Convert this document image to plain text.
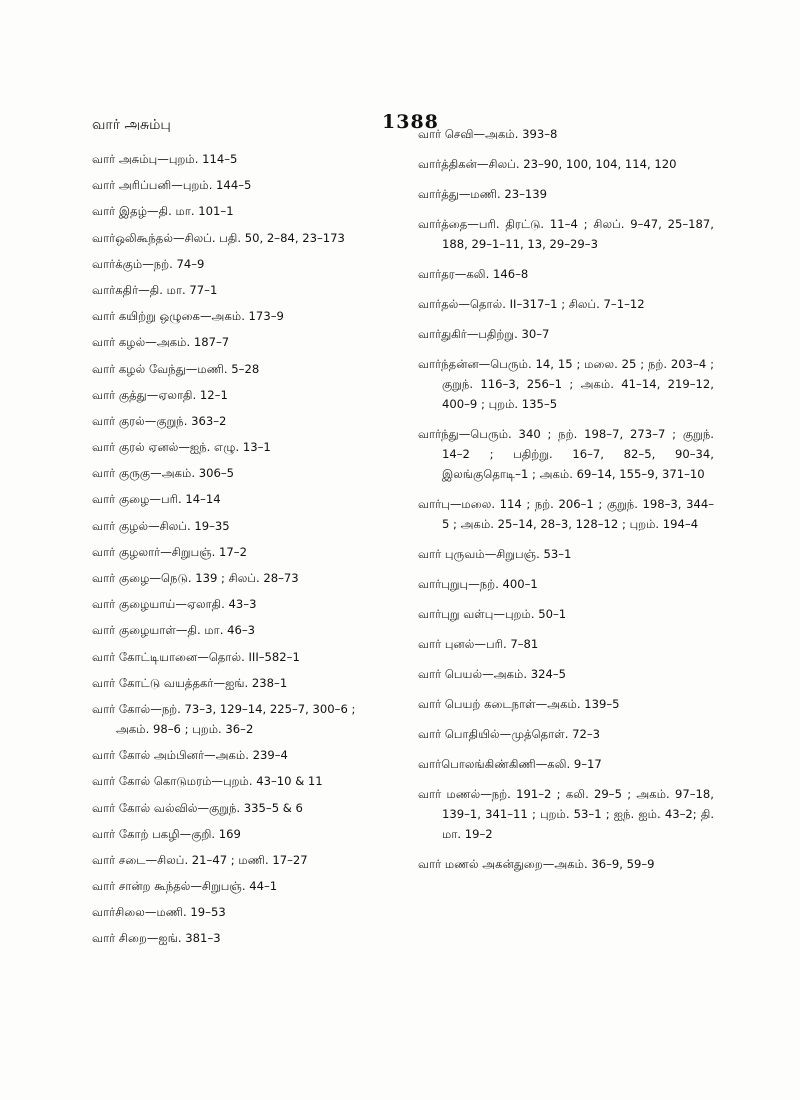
வார் அசும்பு	1388
வார் அசும்பு—புறம். 114–5
வார் அரிப்பனி—புறம். 144–5
வார் இதழ்—தி. மா. 101–1
வார்ஒலிகூந்தல்—சிலப். பதி. 50, 2–84, 23–173
வார்க்கும்—நற். 74–9
வார்கதிர்—தி. மா. 77–1
வார் கயிற்று ஒழுகை—அகம். 173–9
வார் கழல்—அகம். 187–7
வார் கழல் வேந்து—மணி. 5–28
வார் குத்து—ஏலாதி. 12–1
வார் குரல்—குறுந். 363–2
வார் குரல் ஏனல்—ஐந். எழு. 13–1
வார் குருகு—அகம். 306–5
வார் குழை—பரி. 14–14
வார் குழல்—சிலப். 19–35
வார் குழலார்—சிறுபஞ். 17–2
வார் குழை—நெடு. 139 ; சிலப். 28–73
வார் குழையாய்—ஏலாதி. 43–3
வார் குழையாள்—தி. மா. 46–3
வார் கோட்டியானை—தொல். III–582–1
வார் கோட்டு வயத்தகர்—ஐங். 238–1
வார் கோல்—நற். 73–3, 129–14, 225–7, 300–6 ; அகம். 98–6 ; புறம். 36–2
வார் கோல் அம்பினர்—அகம். 239–4
வார் கோல் கொடுமரம்—புறம். 43–10 & 11
வார் கோல் வல்வில்—குறுந். 335–5 & 6
வார் கோற் பகழி—குறி. 169
வார் சடை—சிலப். 21–47 ; மணி. 17–27
வார் சான்ற கூந்தல்—சிறுபஞ். 44–1
வார்சிலை—மணி. 19–53
வார் சிறை—ஐங். 381–3
வார் செவி—அகம். 393–8
வார்த்திகன்—சிலப். 23–90, 100, 104, 114, 120
வார்த்து—மணி. 23–139
வார்த்தை—பரி. திரட்டு. 11–4 ; சிலப். 9–47, 25–187, 188, 29–1–11, 13, 29–29–3
வார்தர—கலி. 146–8
வார்தல்—தொல். II–317–1 ; சிலப். 7–1–12
வார்துகிர்—பதிற்று. 30–7
வார்ந்தன்ன—பெரும். 14, 15 ; மலை. 25 ; நற். 203–4 ; குறுந். 116–3, 256–1 ; அகம். 41–14, 219–12, 400–9 ; புறம். 135–5
வார்ந்து—பெரும். 340 ; நற். 198–7, 273–7 ; குறுந். 14–2 ; பதிற்று. 16–7, 82–5, 90–34, இலங்குதொடி–1 ; அகம். 69–14, 155–9, 371–10
வார்பு—மலை. 114 ; நற். 206–1 ; குறுந். 198–3, 344–5 ; அகம். 25–14, 28–3, 128–12 ; புறம். 194–4
வார் புருவம்—சிறுபஞ். 53–1
வார்புறுபு—நற். 400–1
வார்புறு வள்பு—புறம். 50–1
வார் புனல்—பரி. 7–81
வார் பெயல்—அகம். 324–5
வார் பெயற் கடைநாள்—அகம். 139–5
வார் பொதியில்—முத்தொள். 72–3
வார்பொலங்கிண்கிணி—கலி. 9–17
வார் மணல்—நற். 191–2 ; கலி. 29–5 ; அகம். 97–18, 139–1, 341–11 ; புறம். 53–1 ; ஐந். ஐம். 43–2; தி. மா. 19–2
வார் மணல் அகன்துறை—அகம். 36–9, 59–9
